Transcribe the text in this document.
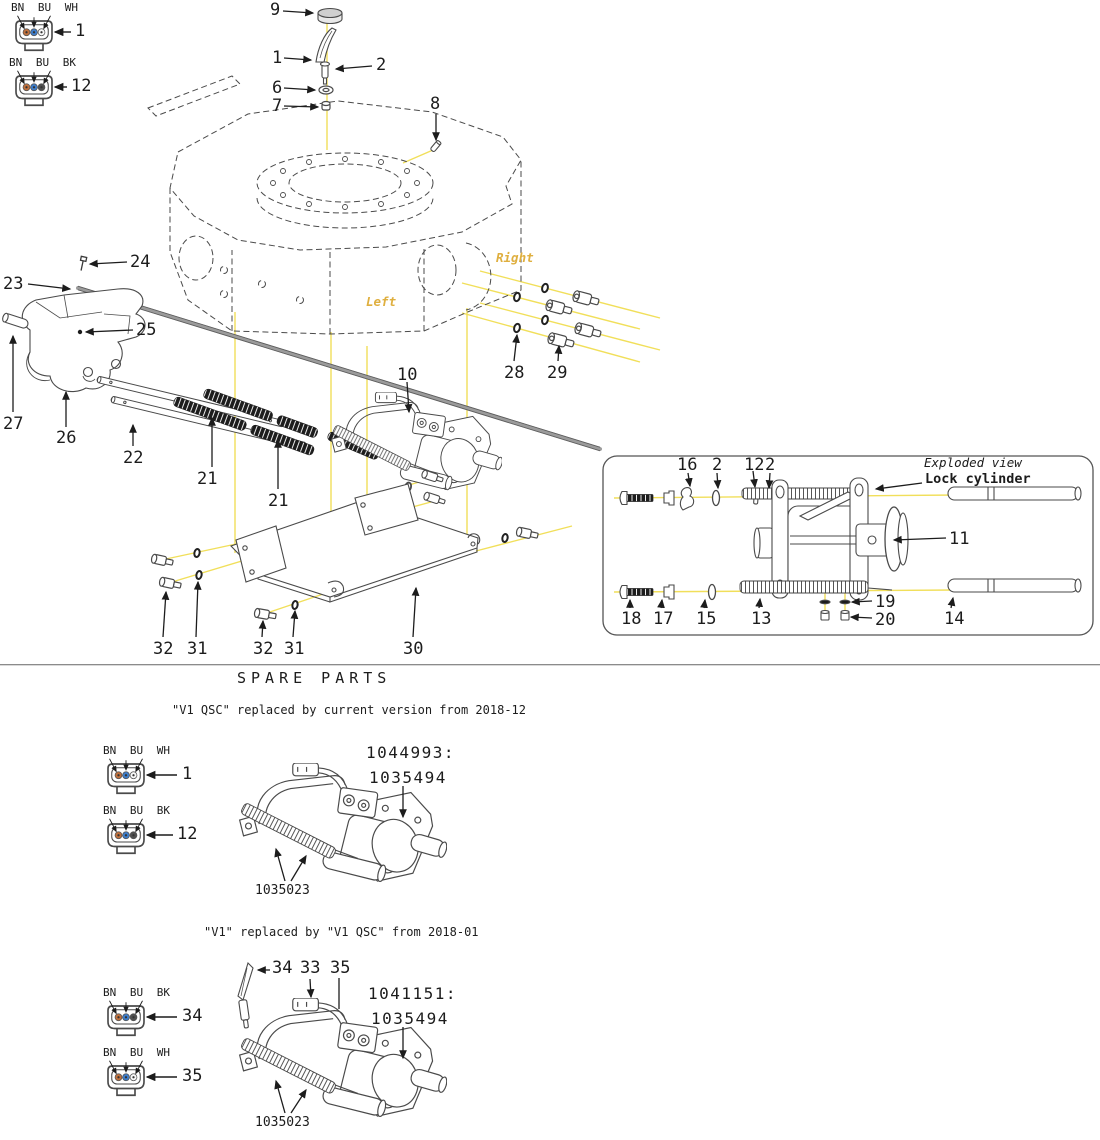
BN BU WH
1
BN BU BK
12
9
1	2
6
7	8
24
23
25
27
26
22
21
21
10	28 29
32 31	32 31	30
Left
Right
16 2 12 2	Exploded view
Lock cylinder
11
18 17 15 13
19
20	14
SPARE PARTS
"V1 QSC" replaced by current version from 2018-12
BN BU WH
1
BN BU BK
12
1044993:
1035494
1035023
"V1" replaced by "V1 QSC" from 2018-01
34 33 35
BN BU BK
34
BN BU WH
35
1041151:
1035494
1035023
